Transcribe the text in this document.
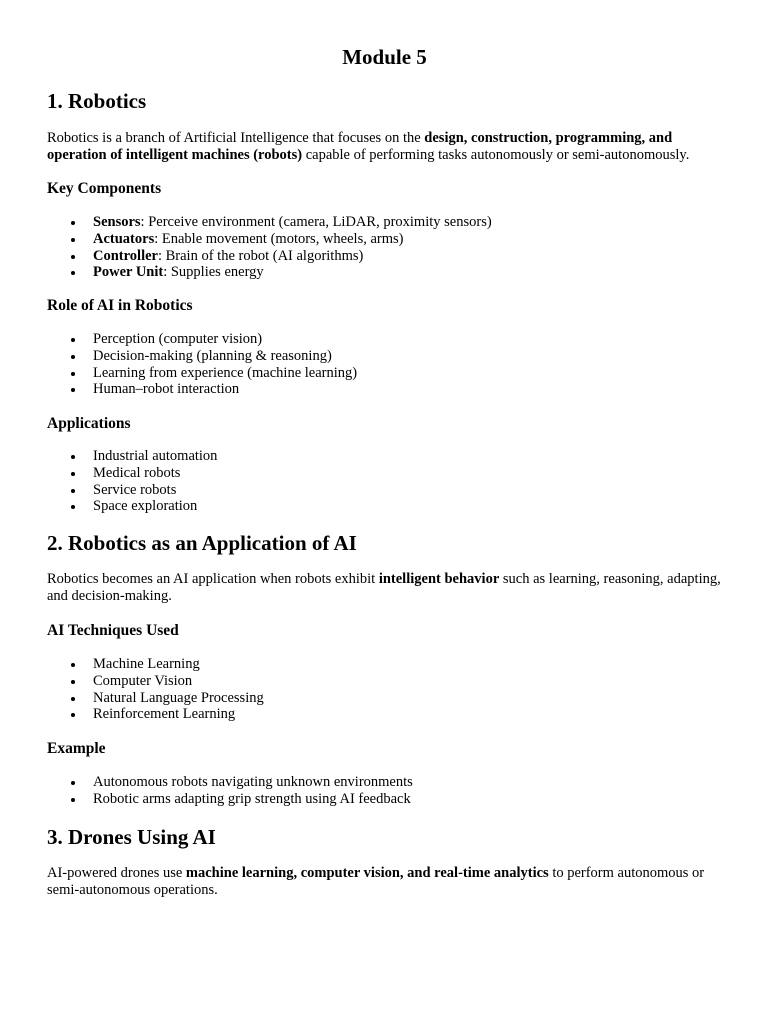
Module 5
1. Robotics

Robotics is a branch of Artificial Intelligence that focuses on the design, construction, programming, and operation of intelligent machines (robots) capable of performing tasks autonomously or semi-autonomously.

Key Components
Sensors: Perceive environment (camera, LiDAR, proximity sensors)
Actuators: Enable movement (motors, wheels, arms)
Controller: Brain of the robot (AI algorithms)
Power Unit: Supplies energy
Role of AI in Robotics
Perception (computer vision)
Decision-making (planning & reasoning)
Learning from experience (machine learning)
Human–robot interaction
Applications
Industrial automation
Medical robots
Service robots
Space exploration
2. Robotics as an Application of AI

Robotics becomes an AI application when robots exhibit intelligent behavior such as learning, reasoning, adapting, and decision-making.

AI Techniques Used
Machine Learning
Computer Vision
Natural Language Processing
Reinforcement Learning
Example
Autonomous robots navigating unknown environments
Robotic arms adapting grip strength using AI feedback
3. Drones Using AI

AI-powered drones use machine learning, computer vision, and real-time analytics to perform autonomous or semi-autonomous operations.
